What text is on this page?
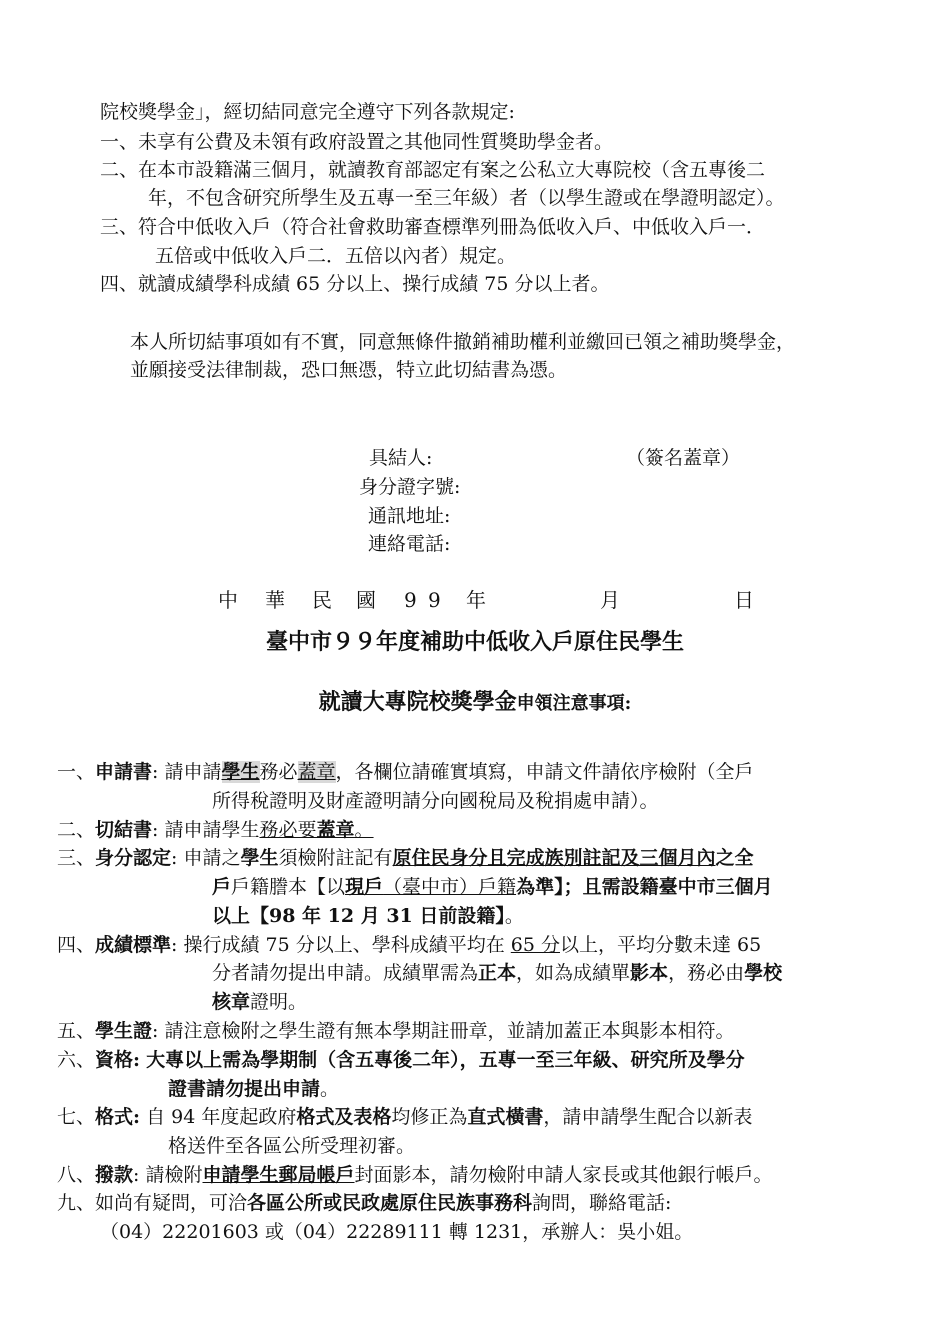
院校獎學金」，經切結同意完全遵守下列各款規定:
一、未享有公費及未領有政府設置之其他同性質獎助學金者。
二、在本市設籍滿三個月，就讀教育部認定有案之公私立大專院校（含五專後二
年，不包含研究所學生及五專一至三年級）者（以學生證或在學證明認定）。
三、符合中低收入戶（符合社會救助審查標準列冊為低收入戶、中低收入戶一．
五倍或中低收入戶二．五倍以內者）規定。
四、就讀成績學科成績 65 分以上、操行成績 75 分以上者。
本人所切結事項如有不實，同意無條件撤銷補助權利並繳回已領之補助獎學金，
並願接受法律制裁，恐口無憑，特立此切結書為憑。
具結人:	（簽名蓋章）
身分證字號:
通訊地址:
連絡電話:
中 華 民 國 9 9 年	月	日
臺中市９９年度補助中低收入戶原住民學生
就讀大專院校獎學金申領注意事項:
一、申請書: 請申請學生務必蓋章，各欄位請確實填寫，申請文件請依序檢附（全戶
所得稅證明及財產證明請分向國稅局及稅捐處申請）。
二、切結書: 請申請學生務必要蓋章。
三、身分認定: 申請之學生須檢附註記有原住民身分且完成族別註記及三個月內之全
戶戶籍謄本【以現戶（臺中市）戶籍為準】；且需設籍臺中市三個月
以上【98 年 12 月 31 日前設籍】。
四、成績標準: 操行成績 75 分以上、學科成績平均在 65 分以上，平均分數未達 65
分者請勿提出申請。成績單需為正本，如為成績單影本，務必由學校
核章證明。
五、學生證: 請注意檢附之學生證有無本學期註冊章，並請加蓋正本與影本相符。
六、資格: 大專以上需為學期制（含五專後二年），五專一至三年級、研究所及學分
證書請勿提出申請。
七、格式: 自 94 年度起政府格式及表格均修正為直式橫書，請申請學生配合以新表
格送件至各區公所受理初審。
八、撥款: 請檢附申請學生郵局帳戶封面影本，請勿檢附申請人家長或其他銀行帳戶。
九、如尚有疑問，可洽各區公所或民政處原住民族事務科詢問，聯絡電話:
（04）22201603 或（04）22289111 轉 1231，承辦人：吳小姐。
